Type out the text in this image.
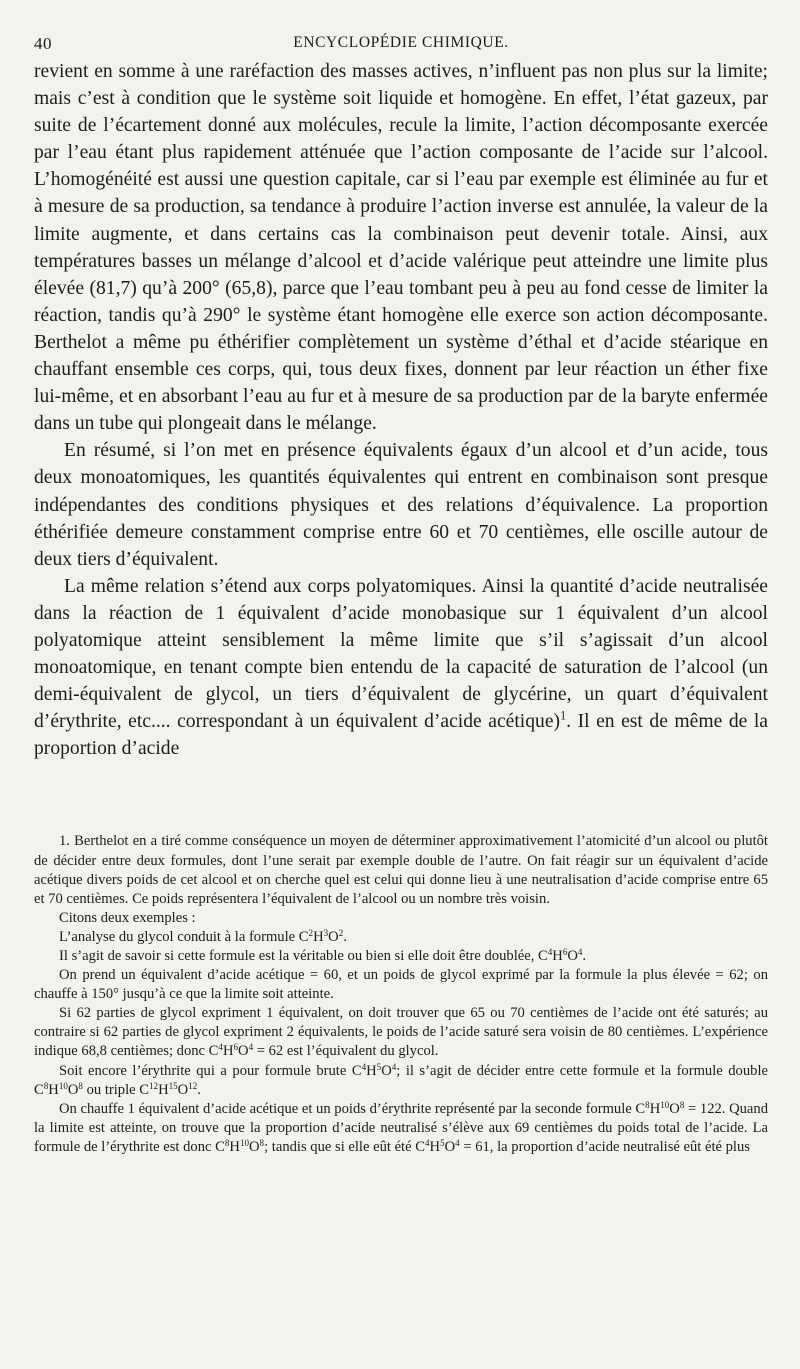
40	ENCYCLOPÉDIE CHIMIQUE.

revient en somme à une raréfaction des masses actives, n’influent pas non plus sur la limite; mais c’est à condition que le système soit liquide et homogène. En effet, l’état gazeux, par suite de l’écartement donné aux molécules, recule la limite, l’action décomposante exercée par l’eau étant plus rapidement atténuée que l’action composante de l’acide sur l’alcool. L’homogénéité est aussi une question capitale, car si l’eau par exemple est éliminée au fur et à mesure de sa production, sa tendance à produire l’action inverse est annulée, la valeur de la limite augmente, et dans certains cas la combinaison peut devenir totale. Ainsi, aux températures basses un mélange d’alcool et d’acide valérique peut atteindre une limite plus élevée (81,7) qu’à 200° (65,8), parce que l’eau tombant peu à peu au fond cesse de limiter la réaction, tandis qu’à 290° le système étant homogène elle exerce son action décomposante. Berthelot a même pu éthérifier complètement un système d’éthal et d’acide stéarique en chauffant ensemble ces corps, qui, tous deux fixes, donnent par leur réaction un éther fixe lui-même, et en absorbant l’eau au fur et à mesure de sa production par de la baryte enfermée dans un tube qui plongeait dans le mélange.

En résumé, si l’on met en présence équivalents égaux d’un alcool et d’un acide, tous deux monoatomiques, les quantités équivalentes qui entrent en combinaison sont presque indépendantes des conditions physiques et des relations d’équivalence. La proportion éthérifiée demeure constamment comprise entre 60 et 70 centièmes, elle oscille autour de deux tiers d’équivalent.

La même relation s’étend aux corps polyatomiques. Ainsi la quantité d’acide neutralisée dans la réaction de 1 équivalent d’acide monobasique sur 1 équivalent d’un alcool polyatomique atteint sensiblement la même limite que s’il s’agissait d’un alcool monoatomique, en tenant compte bien entendu de la capacité de saturation de l’alcool (un demi-équivalent de glycol, un tiers d’équivalent de glycérine, un quart d’équivalent d’érythrite, etc.... correspondant à un équivalent d’acide acétique)$^1$. Il en est de même de la proportion d’acide

1. Berthelot en a tiré comme conséquence un moyen de déterminer approximativement l’atomicité d’un alcool ou plutôt de décider entre deux formules, dont l’une serait par exemple double de l’autre. On fait réagir sur un équivalent d’acide acétique divers poids de cet alcool et on cherche quel est celui qui donne lieu à une neutralisation d’acide comprise entre 65 et 70 centièmes. Ce poids représentera l’équivalent de l’alcool ou un nombre très voisin.

Citons deux exemples :

L’analyse du glycol conduit à la formule $C^2H^3O^2$.

Il s’agit de savoir si cette formule est la véritable ou bien si elle doit être doublée, $C^4H^6O^4$.

On prend un équivalent d’acide acétique = 60, et un poids de glycol exprimé par la formule la plus élevée = 62; on chauffe à 150° jusqu’à ce que la limite soit atteinte.

Si 62 parties de glycol expriment 1 équivalent, on doit trouver que 65 ou 70 centièmes de l’acide ont été saturés; au contraire si 62 parties de glycol expriment 2 équivalents, le poids de l’acide saturé sera voisin de 80 centièmes. L’expérience indique 68,8 centièmes; donc $C^4H^6O^4 = 62$ est l’équivalent du glycol.

Soit encore l’érythrite qui a pour formule brute $C^4H^5O^4$; il s’agit de décider entre cette formule et la formule double $C^8H^{10}O^8$ ou triple $C^{12}H^{15}O^{12}$.

On chauffe 1 équivalent d’acide acétique et un poids d’érythrite représenté par la seconde formule $C^8H^{10}O^8 = 122$. Quand la limite est atteinte, on trouve que la proportion d’acide neutralisé s’élève aux 69 centièmes du poids total de l’acide. La formule de l’érythrite est donc $C^8H^{10}O^8$; tandis que si elle eût été $C^4H^5O^4 = 61$, la proportion d’acide neutralisé eût été plus
